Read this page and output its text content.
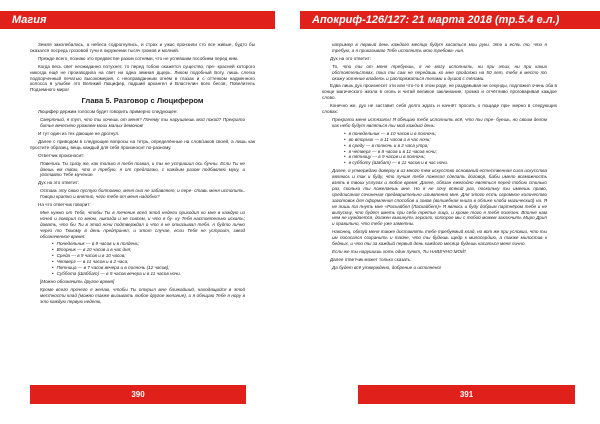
Магия

Земля заколебалась, а небеса содрогнулись, и страх и ужас пронзили сто все живые, будто бы оказался посредь грозовой тучи в окружении тысяч громов и молний.

Прежде всего, познаю это предвестие разом сотнями, что не успевшим пособием перед ним.

Когда весь свет неожиданно потухнет, то перед тобою окажется существо, пре- красней которого никогда ещё не производила на свет ни одна земная дщерь. Ликом подобный Богу, лишь слегка подпорченный печатью высокомерия, с неоправданным огнём в глазах и с оттенком надменного колосса в улыбке это Великий Люцифер, падший архангел и Властелин всех бесов, Повелитель Подземного мира!

Глава 5. Разговор с Люцифером

Люцифер держим голосом будет говорить примерно следующее:

Смертный, я тут, что ты хочешь от меня? Почему ты нарушаешь мой покой? Прекрати битье вечеснею урожаем моих малых демонов!

И тут один из тех дающие не дрогнул.

Далее с приводом в следующие вопросы на тетрь, определённые на слов/заков своей, а лишь как простите образец, вещь каждый для себя произносит по-разному.

Ответчик произносит:

Повелись Ты сразу же, как только я тебя позвал, и ты не устрашил ось бучны. Если Ты не даешь ем твою, что я требую, я от предлагаю, с каждым разом подбавляю муку, и уготавлю Тебе мучение.

Дух на это ответит:

Оставь эту свою пустую болтовню, меня она не забавляет, и пере- ставь меня истопить. Говори кратко и внятно, чего тебе от меня надобно?

На что ответчик говорит:

Мне нужно от Тебя, чтобы Ты в течение всей этой недели приходил ко мне в каждую из ночей и говорил со мною, никогда и не совсем, и что я бу- ку Тебя настоятельно искать; давать, что бы Ты в этой ночи подтверждал о что я не отказывал тебя. А будто лично через то Тюхому в день предпринял, и этот случае, если Тебя не устроит, звезд обозначенное время:

• Понедельник — в 9 часов и в полдень;
• Вторник — в 10 часов и в час дня;
• Среда — в 9 часов и в 10 часов;
• Четверг — в 11 часов и в 2 часа;
• Пятница — в 7 часов вечера и в полночь (12 часов);
• Суббота (Шаббат) — в 9 часов вечера и в 11 часов ночи.

[Можно обозначить другое время]

Кроме всего прочего я желаю, чтобы Ты открыл мне ближайший, находящийся в этой местности клад (можно также вызывать любое другое желание), и я обещаю Тебе я нору в это каждую первую неделю,

390
Апокриф-126/127: 21 марта 2018 (тр.5.4 е.л.)

например в первый день каждого месяца будут касаться мои руки. Это и есть то, что я требую, а я приказываю Тебе исполнить мою требова- ния.

Дух на это ответит:

То, что ты от меня требуешь, я не могу исполнить, ни при этих, ни при каких обстоятельствах, пока ты сам не передашь ко мне продолжи на 50 лет, тебя в место то окажу хотение владеть и распоряжаться телами и душой с тёлами.

Едва лишь дух произнесет эти или что-то в этом роде, не раздумывая ни секунды, подложил очень оба в конце магического жезла в огонь и читай великое заклинание, громко и отчётливо проговаривая каждое слово.

Конечно же, дух не заставит себя долго ждать и начнёт просить о пощаде при- мерно в следующих словах:

Прекрати меня истязать! Я обещаю тебе исполнить всё, что ты тре- буешь, но своим делом как небо будут являться ты мой каждый день:

• в понедельник — в 10 часов и в полночь;
• во вторник — в 11 часов и в час ночи;
• в среду — в полночь и в 2 часа утра;
• в четверг — в 8 часов и в 11 часов ночи;
• в пятницу — в 9 часов и в полночь;
• в субботу (Шабат) — в 11 часов и в час ночи.

Далее, я утверждаю доверху в из много тем искусство оснований естественная сила искусства являюсь и так и буду, что лучше тебе пожелал сделать договор, бабы имело возможность взять в твоих услугах и любое время. Далее, обязан ежегодно являться перед тобою столько раз, сколько ты пожелаешь мне. Но я не хочу всякий раз, поскольку ты имеешь право, предписания сочинения предварительно изъявленно мне. Для этого есть огромное количество заготовок для оформления способов и зовов (волшебная книга в облике клоба магический) на. Я не лишь та пнуть мне «Раскайбел (Ласкайбет)» Я явлюсь и буду добрым партнёром тебе и не выпускну, что будет иметь при себе третье лицо, и кроме того я тебя полезен. Вполне нам нем не нуждается, должен выкинуть зеркало, которое мы с тобой можем заключить Миро Дрип и правильно, что тебе уже заметны.

Наконец, обязуй меня также доставлять тебе требуемый клад, но вот же при условии, что ты им пососался сохранить и тайне, что ты будешь щедр к милосердию, а также милостив к бедных, и что ты за каждый первый день каждого месяца будешь касаться меня лично.

Если же ты нарушишь хоть один пункт, Ты НАВЕЧНО МОЙ!

Далее ответчик может только сказать:

Да будет всё утверждено, добрение и исполнено!

391
